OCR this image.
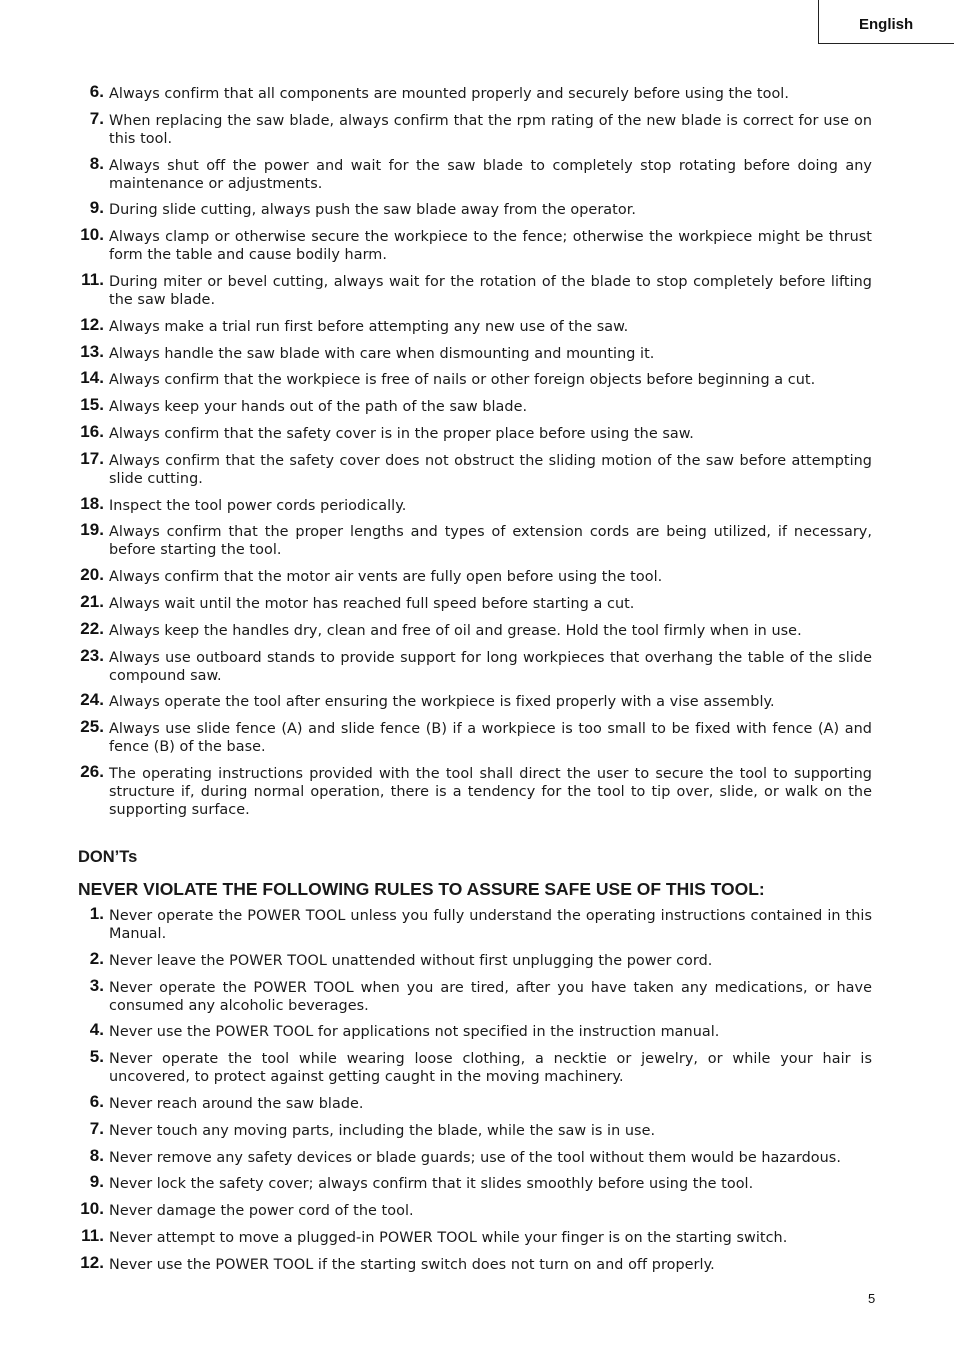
English
6. Always confirm that all components are mounted properly and securely before using the tool.
7. When replacing the saw blade, always confirm that the rpm rating of the new blade is correct for use on this tool.
8. Always shut off the power and wait for the saw blade to completely stop rotating before doing any maintenance or adjustments.
9. During slide cutting, always push the saw blade away from the operator.
10. Always clamp or otherwise secure the workpiece to the fence; otherwise the workpiece might be thrust form the table and cause bodily harm.
11. During miter or bevel cutting, always wait for the rotation of the blade to stop completely before lifting the saw blade.
12. Always make a trial run first before attempting any new use of the saw.
13. Always handle the saw blade with care when dismounting and mounting it.
14. Always confirm that the workpiece is free of nails or other foreign objects before beginning a cut.
15. Always keep your hands out of the path of the saw blade.
16. Always confirm that the safety cover is in the proper place before using the saw.
17. Always confirm that the safety cover does not obstruct the sliding motion of the saw before attempting slide cutting.
18. Inspect the tool power cords periodically.
19. Always confirm that the proper lengths and types of extension cords are being utilized, if necessary, before starting the tool.
20. Always confirm that the motor air vents are fully open before using the tool.
21. Always wait until the motor has reached full speed before starting a cut.
22. Always keep the handles dry, clean and free of oil and grease. Hold the tool firmly when in use.
23. Always use outboard stands to provide support for long workpieces that overhang the table of the slide compound saw.
24. Always operate the tool after ensuring the workpiece is fixed properly with a vise assembly.
25. Always use slide fence (A) and slide fence (B) if a workpiece is too small to be fixed with fence (A) and fence (B) of the base.
26. The operating instructions provided with the tool shall direct the user to secure the tool to supporting structure if, during normal operation, there is a tendency for the tool to tip over, slide, or walk on the supporting surface.
DON’Ts
NEVER VIOLATE THE FOLLOWING RULES TO ASSURE SAFE USE OF THIS TOOL:
1. Never operate the POWER TOOL unless you fully understand the operating instructions contained in this Manual.
2. Never leave the POWER TOOL unattended without first unplugging the power cord.
3. Never operate the POWER TOOL when you are tired, after you have taken any medications, or have consumed any alcoholic beverages.
4. Never use the POWER TOOL for applications not specified in the instruction manual.
5. Never operate the tool while wearing loose clothing, a necktie or jewelry, or while your hair is uncovered, to protect against getting caught in the moving machinery.
6. Never reach around the saw blade.
7. Never touch any moving parts, including the blade, while the saw is in use.
8. Never remove any safety devices or blade guards; use of the tool without them would be hazardous.
9. Never lock the safety cover; always confirm that it slides smoothly before using the tool.
10. Never damage the power cord of the tool.
11. Never attempt to move a plugged-in POWER TOOL while your finger is on the starting switch.
12. Never use the POWER TOOL if the starting switch does not turn on and off properly.
5
